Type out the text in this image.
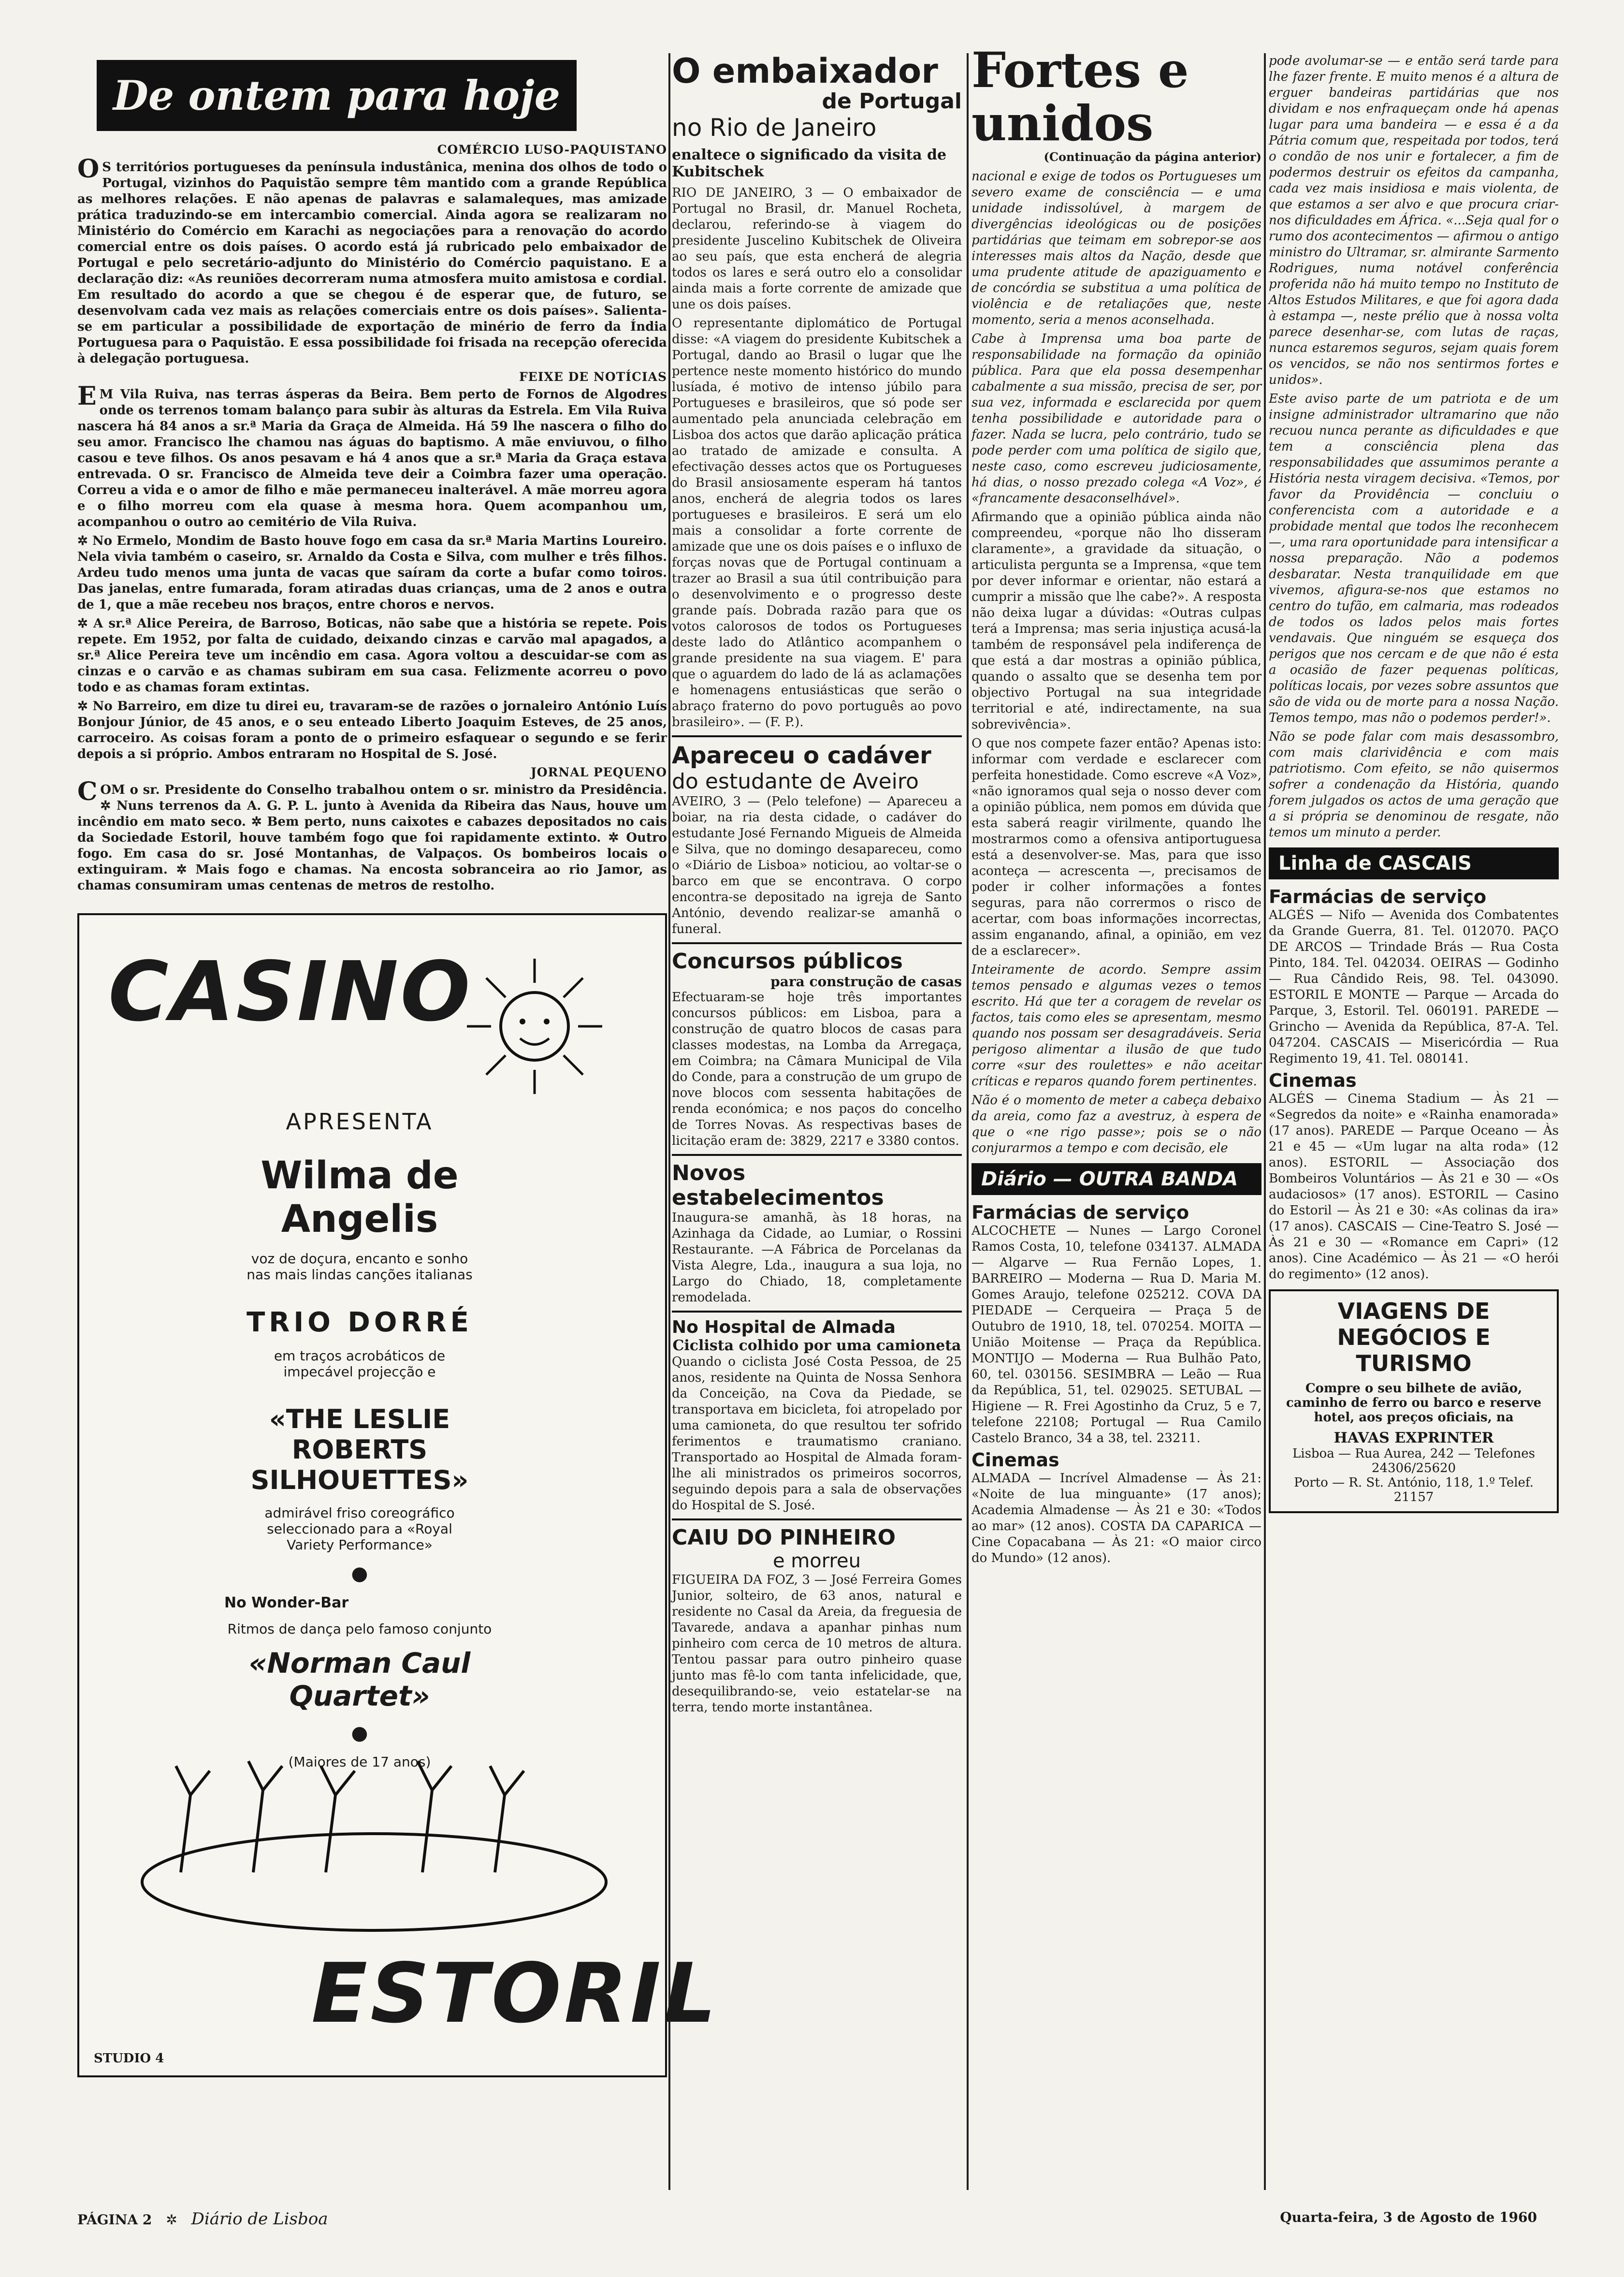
De ontem para hoje
COMÉRCIO LUSO-PAQUISTANO

OS territórios portugueses da península industânica, menina dos olhos de todo o Portugal, vizinhos do Paquistão sempre têm mantido com a grande República as melhores relações. E não apenas de palavras e salamaleques, mas amizade prática traduzindo-se em intercambio comercial. Ainda agora se realizaram no Ministério do Comércio em Karachi as negociações para a renovação do acordo comercial entre os dois países. O acordo está já rubricado pelo embaixador de Portugal e pelo secretário-adjunto do Ministério do Comércio paquistano. E a declaração diz: «As reuniões decorreram numa atmosfera muito amistosa e cordial. Em resultado do acordo a que se chegou é de esperar que, de futuro, se desenvolvam cada vez mais as relações comerciais entre os dois países». Salienta-se em particular a possibilidade de exportação de minério de ferro da Índia Portuguesa para o Paquistão. E essa possibilidade foi frisada na recepção oferecida à delegação portuguesa.

FEIXE DE NOTÍCIAS

EM Vila Ruiva, nas terras ásperas da Beira. Bem perto de Fornos de Algodres onde os terrenos tomam balanço para subir às alturas da Estrela. Em Vila Ruiva nascera há 84 anos a sr.ª Maria da Graça de Almeida. Há 59 lhe nascera o filho do seu amor. Francisco lhe chamou nas águas do baptismo. A mãe enviuvou, o filho casou e teve filhos. Os anos pesavam e há 4 anos que a sr.ª Maria da Graça estava entrevada. O sr. Francisco de Almeida teve deir a Coimbra fazer uma operação. Correu a vida e o amor de filho e mãe permaneceu inalterável. A mãe morreu agora e o filho morreu com ela quase à mesma hora. Quem acompanhou um, acompanhou o outro ao cemitério de Vila Ruiva.

✲ No Ermelo, Mondim de Basto houve fogo em casa da sr.ª Maria Martins Loureiro. Nela vivia também o caseiro, sr. Arnaldo da Costa e Silva, com mulher e três filhos. Ardeu tudo menos uma junta de vacas que saíram da corte a bufar como toiros. Das janelas, entre fumarada, foram atiradas duas crianças, uma de 2 anos e outra de 1, que a mãe recebeu nos braços, entre choros e nervos.

✲ A sr.ª Alice Pereira, de Barroso, Boticas, não sabe que a história se repete. Pois repete. Em 1952, por falta de cuidado, deixando cinzas e carvão mal apagados, a sr.ª Alice Pereira teve um incêndio em casa. Agora voltou a descuidar-se com as cinzas e o carvão e as chamas subiram em sua casa. Felizmente acorreu o povo todo e as chamas foram extintas.

✲ No Barreiro, em dize tu direi eu, travaram-se de razões o jornaleiro António Luís Bonjour Júnior, de 45 anos, e o seu enteado Liberto Joaquim Esteves, de 25 anos, carroceiro. As coisas foram a ponto de o primeiro esfaquear o segundo e se ferir depois a si próprio. Ambos entraram no Hospital de S. José.

JORNAL PEQUENO

COM o sr. Presidente do Conselho trabalhou ontem o sr. ministro da Presidência. ✲ Nuns terrenos da A. G. P. L. junto à Avenida da Ribeira das Naus, houve um incêndio em mato seco. ✲ Bem perto, nuns caixotes e cabazes depositados no cais da Sociedade Estoril, houve também fogo que foi rapidamente extinto. ✲ Outro fogo. Em casa do sr. José Montanhas, de Valpaços. Os bombeiros locais o extinguiram. ✲ Mais fogo e chamas. Na encosta sobranceira ao rio Jamor, as chamas consumiram umas centenas de metros de restolho.

CASINO
APRESENTA
Wilma de Angelis
voz de doçura, encanto e sonho nas mais lindas canções italianas
TRIO DORRÉ
em traços acrobáticos de impecável projecção e
«THE LESLIE ROBERTS SILHOUETTES»
admirável friso coreográfico seleccionado para a «Royal Variety Performance»
●
No Wonder-Bar
Ritmos de dança pelo famoso conjunto
«Norman Caul Quartet»
●
(Maiores de 17 anos)
ESTORIL
STUDIO 4
O embaixador
de Portugal
no Rio de Janeiro
enaltece o significado da visita de Kubitschek

RIO DE JANEIRO, 3 — O embaixador de Portugal no Brasil, dr. Manuel Rocheta, declarou, referindo-se à viagem do presidente Juscelino Kubitschek de Oliveira ao seu país, que esta encherá de alegria todos os lares e será outro elo a consolidar ainda mais a forte corrente de amizade que une os dois países.

O representante diplomático de Portugal disse: «A viagem do presidente Kubitschek a Portugal, dando ao Brasil o lugar que lhe pertence neste momento histórico do mundo lusíada, é motivo de intenso júbilo para Portugueses e brasileiros, que só pode ser aumentado pela anunciada celebração em Lisboa dos actos que darão aplicação prática ao tratado de amizade e consulta. A efectivação desses actos que os Portugueses do Brasil ansiosamente esperam há tantos anos, encherá de alegria todos os lares portugueses e brasileiros. E será um elo mais a consolidar a forte corrente de amizade que une os dois países e o influxo de forças novas que de Portugal continuam a trazer ao Brasil a sua útil contribuição para o desenvolvimento e o progresso deste grande país. Dobrada razão para que os votos calorosos de todos os Portugueses deste lado do Atlântico acompanhem o grande presidente na sua viagem. E' para que o aguardem do lado de lá as aclamações e homenagens entusiásticas que serão o abraço fraterno do povo português ao povo brasileiro». — (F. P.).

Apareceu o cadáver
do estudante de Aveiro

AVEIRO, 3 — (Pelo telefone) — Apareceu a boiar, na ria desta cidade, o cadáver do estudante José Fernando Migueis de Almeida e Silva, que no domingo desapareceu, como o «Diário de Lisboa» noticiou, ao voltar-se o barco em que se encontrava. O corpo encontra-se depositado na igreja de Santo António, devendo realizar-se amanhã o funeral.

Concursos públicos
para construção de casas

Efectuaram-se hoje três importantes concursos públicos: em Lisboa, para a construção de quatro blocos de casas para classes modestas, na Lomba da Arregaça, em Coimbra; na Câmara Municipal de Vila do Conde, para a construção de um grupo de nove blocos com sessenta habitações de renda económica; e nos paços do concelho de Torres Novas. As respectivas bases de licitação eram de: 3829, 2217 e 3380 contos.

Novos estabelecimentos

Inaugura-se amanhã, às 18 horas, na Azinhaga da Cidade, ao Lumiar, o Rossini Restaurante. —A Fábrica de Porcelanas da Vista Alegre, Lda., inaugura a sua loja, no Largo do Chiado, 18, completamente remodelada.

No Hospital de Almada
Ciclista colhido por uma camioneta

Quando o ciclista José Costa Pessoa, de 25 anos, residente na Quinta de Nossa Senhora da Conceição, na Cova da Piedade, se transportava em bicicleta, foi atropelado por uma camioneta, do que resultou ter sofrido ferimentos e traumatismo craniano. Transportado ao Hospital de Almada foram-lhe ali ministrados os primeiros socorros, seguindo depois para a sala de observações do Hospital de S. José.

CAIU DO PINHEIRO
e morreu

FIGUEIRA DA FOZ, 3 — José Ferreira Gomes Junior, solteiro, de 63 anos, natural e residente no Casal da Areia, da freguesia de Tavarede, andava a apanhar pinhas num pinheiro com cerca de 10 metros de altura. Tentou passar para outro pinheiro quase junto mas fê-lo com tanta infelicidade, que, desequilibrando-se, veio estatelar-se na terra, tendo morte instantânea.

Fortes e unidos
(Continuação da página anterior)

nacional e exige de todos os Portugueses um severo exame de consciência — e uma unidade indissolúvel, à margem de divergências ideológicas ou de posições partidárias que teimam em sobrepor-se aos interesses mais altos da Nação, desde que uma prudente atitude de apaziguamento e de concórdia se substitua a uma política de violência e de retaliações que, neste momento, seria a menos aconselhada.

Cabe à Imprensa uma boa parte de responsabilidade na formação da opinião pública. Para que ela possa desempenhar cabalmente a sua missão, precisa de ser, por sua vez, informada e esclarecida por quem tenha possibilidade e autoridade para o fazer. Nada se lucra, pelo contrário, tudo se pode perder com uma política de sigilo que, neste caso, como escreveu judiciosamente, há dias, o nosso prezado colega «A Voz», é «francamente desaconselhável».

Afirmando que a opinião pública ainda não compreendeu, «porque não lho disseram claramente», a gravidade da situação, o articulista pergunta se a Imprensa, «que tem por dever informar e orientar, não estará a cumprir a missão que lhe cabe?». A resposta não deixa lugar a dúvidas: «Outras culpas terá a Imprensa; mas seria injustiça acusá-la também de responsável pela indiferença de que está a dar mostras a opinião pública, quando o assalto que se desenha tem por objectivo Portugal na sua integridade territorial e até, indirectamente, na sua sobrevivência».

O que nos compete fazer então? Apenas isto: informar com verdade e esclarecer com perfeita honestidade. Como escreve «A Voz», «não ignoramos qual seja o nosso dever com a opinião pública, nem pomos em dúvida que esta saberá reagir virilmente, quando lhe mostrarmos como a ofensiva antiportuguesa está a desenvolver-se. Mas, para que isso aconteça — acrescenta —, precisamos de poder ir colher informações a fontes seguras, para não corrermos o risco de acertar, com boas informações incorrectas, assim enganando, afinal, a opinião, em vez de a esclarecer».

Inteiramente de acordo. Sempre assim temos pensado e algumas vezes o temos escrito. Há que ter a coragem de revelar os factos, tais como eles se apresentam, mesmo quando nos possam ser desagradáveis. Seria perigoso alimentar a ilusão de que tudo corre «sur des roulettes» e não aceitar críticas e reparos quando forem pertinentes.

Não é o momento de meter a cabeça debaixo da areia, como faz a avestruz, à espera de que o «ne rigo passe»; pois se o não conjurarmos a tempo e com decisão, ele

Diário — OUTRA BANDA
Farmácias de serviço

ALCOCHETE — Nunes — Largo Coronel Ramos Costa, 10, telefone 034137. ALMADA — Algarve — Rua Fernão Lopes, 1. BARREIRO — Moderna — Rua D. Maria M. Gomes Araujo, telefone 025212. COVA DA PIEDADE — Cerqueira — Praça 5 de Outubro de 1910, 18, tel. 070254. MOITA — União Moitense — Praça da República. MONTIJO — Moderna — Rua Bulhão Pato, 60, tel. 030156. SESIMBRA — Leão — Rua da República, 51, tel. 029025. SETUBAL — Higiene — R. Frei Agostinho da Cruz, 5 e 7, telefone 22108; Portugal — Rua Camilo Castelo Branco, 34 a 38, tel. 23211.

Cinemas

ALMADA — Incrível Almadense — Às 21: «Noite de lua minguante» (17 anos); Academia Almadense — Às 21 e 30: «Todos ao mar» (12 anos). COSTA DA CAPARICA — Cine Copacabana — Às 21: «O maior circo do Mundo» (12 anos).

pode avolumar-se — e então será tarde para lhe fazer frente. E muito menos é a altura de erguer bandeiras partidárias que nos dividam e nos enfraqueçam onde há apenas lugar para uma bandeira — e essa é a da Pátria comum que, respeitada por todos, terá o condão de nos unir e fortalecer, a fim de podermos destruir os efeitos da campanha, cada vez mais insidiosa e mais violenta, de que estamos a ser alvo e que procura criar-nos dificuldades em África. «...Seja qual for o rumo dos acontecimentos — afirmou o antigo ministro do Ultramar, sr. almirante Sarmento Rodrigues, numa notável conferência proferida não há muito tempo no Instituto de Altos Estudos Militares, e que foi agora dada à estampa —, neste prélio que à nossa volta parece desenhar-se, com lutas de raças, nunca estaremos seguros, sejam quais forem os vencidos, se não nos sentirmos fortes e unidos».

Este aviso parte de um patriota e de um insigne administrador ultramarino que não recuou nunca perante as dificuldades e que tem a consciência plena das responsabilidades que assumimos perante a História nesta viragem decisiva. «Temos, por favor da Providência — concluiu o conferencista com a autoridade e a probidade mental que todos lhe reconhecem —, uma rara oportunidade para intensificar a nossa preparação. Não a podemos desbaratar. Nesta tranquilidade em que vivemos, afigura-se-nos que estamos no centro do tufão, em calmaria, mas rodeados de todos os lados pelos mais fortes vendavais. Que ninguém se esqueça dos perigos que nos cercam e de que não é esta a ocasião de fazer pequenas políticas, políticas locais, por vezes sobre assuntos que são de vida ou de morte para a nossa Nação. Temos tempo, mas não o podemos perder!».

Não se pode falar com mais desassombro, com mais clarividência e com mais patriotismo. Com efeito, se não quisermos sofrer a condenação da História, quando forem julgados os actos de uma geração que a si própria se denominou de resgate, não temos um minuto a perder.

Linha de CASCAIS
Farmácias de serviço

ALGÉS — Nifo — Avenida dos Combatentes da Grande Guerra, 81. Tel. 012070. PAÇO DE ARCOS — Trindade Brás — Rua Costa Pinto, 184. Tel. 042034. OEIRAS — Godinho — Rua Cândido Reis, 98. Tel. 043090. ESTORIL E MONTE — Parque — Arcada do Parque, 3, Estoril. Tel. 060191. PAREDE — Grincho — Avenida da República, 87-A. Tel. 047204. CASCAIS — Misericórdia — Rua Regimento 19, 41. Tel. 080141.

Cinemas

ALGÉS — Cinema Stadium — Às 21 — «Segredos da noite» e «Rainha enamorada» (17 anos). PAREDE — Parque Oceano — Às 21 e 45 — «Um lugar na alta roda» (12 anos). ESTORIL — Associação dos Bombeiros Voluntários — Às 21 e 30 — «Os audaciosos» (17 anos). ESTORIL — Casino do Estoril — Às 21 e 30: «As colinas da ira» (17 anos). CASCAIS — Cine-Teatro S. José — Às 21 e 30 — «Romance em Capri» (12 anos). Cine Académico — Às 21 — «O herói do regimento» (12 anos).

VIAGENS DE NEGÓCIOS E TURISMO
Compre o seu bilhete de avião, caminho de ferro ou barco e reserve hotel, aos preços oficiais, na
HAVAS EXPRINTER
Lisboa — Rua Aurea, 242 — Telefones 24306/25620
Porto — R. St. António, 118, 1.º Telef. 21157
PÁGINA 2 ✲ Diário de Lisboa	Quarta-feira, 3 de Agosto de 1960
